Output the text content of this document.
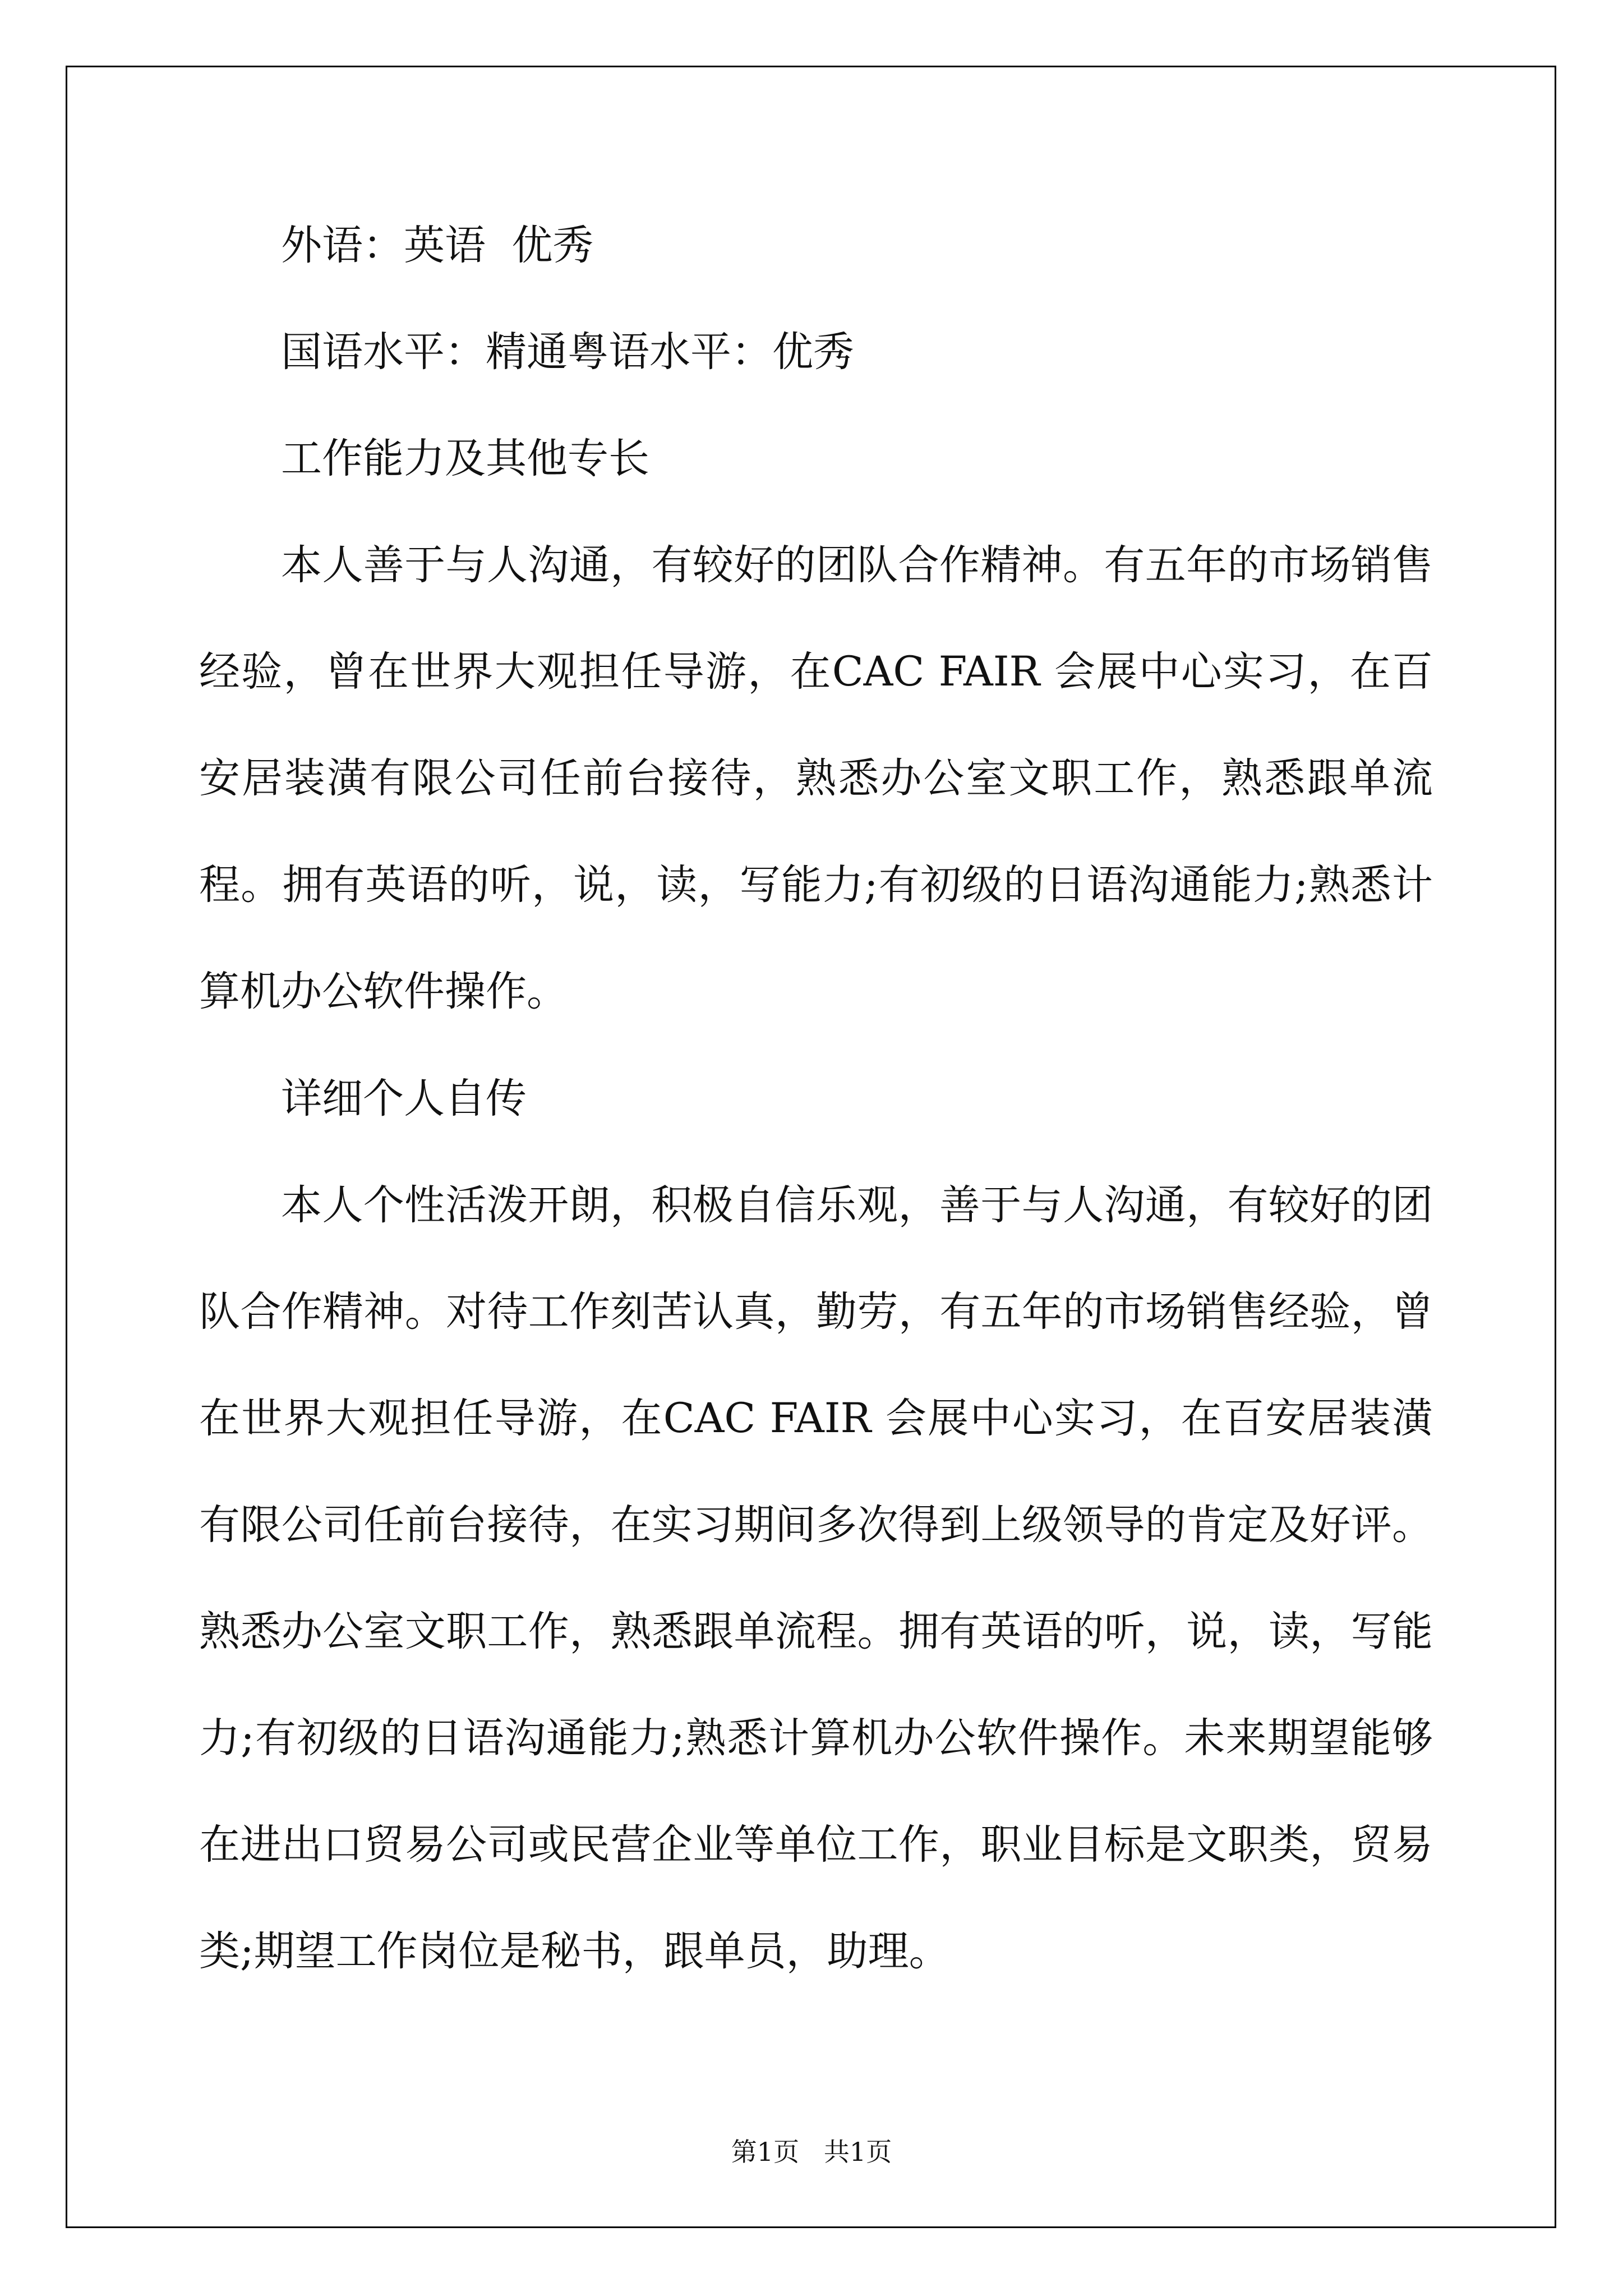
外语：英语  优秀

国语水平：精通粤语水平：优秀

工作能力及其他专长

本人善于与人沟通，有较好的团队合作精神。有五年的市场销售经验，曾在世界大观担任导游，在CAC FAIR 会展中心实习，在百安居装潢有限公司任前台接待，熟悉办公室文职工作，熟悉跟单流程。拥有英语的听，说，读，写能力;有初级的日语沟通能力;熟悉计算机办公软件操作。

详细个人自传

本人个性活泼开朗，积极自信乐观，善于与人沟通，有较好的团队合作精神。对待工作刻苦认真，勤劳，有五年的市场销售经验，曾在世界大观担任导游，在CAC FAIR 会展中心实习，在百安居装潢有限公司任前台接待，在实习期间多次得到上级领导的肯定及好评。熟悉办公室文职工作，熟悉跟单流程。拥有英语的听，说，读，写能力;有初级的日语沟通能力;熟悉计算机办公软件操作。未来期望能够在进出口贸易公司或民营企业等单位工作，职业目标是文职类，贸易类;期望工作岗位是秘书，跟单员，助理。

第1页   共1页
